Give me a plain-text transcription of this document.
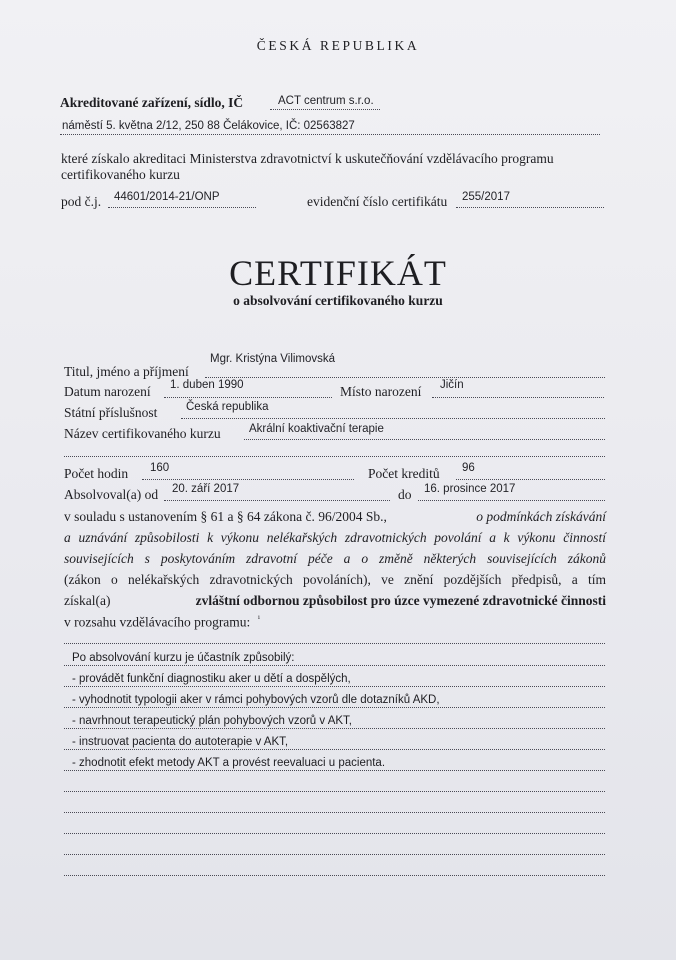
ČESKÁ REPUBLIKA
Akreditované zařízení, sídlo, IČ	ACT centrum s.r.o.
náměstí 5. května 2/12, 250 88 Čelákovice, IČ: 02563827
které získalo akreditaci Ministerstva zdravotnictví k uskutečňování vzdělávacího programu
certifikovaného kurzu
pod č.j. 44601/2014-21/ONP	evidenční číslo certifikátu 255/2017
CERTIFIKÁT
o absolvování certifikovaného kurzu
Titul, jméno a příjmení
Mgr. Kristýna Vilimovská
Datum narození 1. duben 1990	Místo narození Jičín
Státní příslušnost Česká republika
Název certifikovaného kurzu Akrální koaktivační terapie
Počet hodin 160	Počet kreditů 96
Absolvoval(a) od 20. září 2017	do 16. prosince 2017
v souladu s ustanovením § 61 a § 64 zákona č. 96/2004 Sb.,	o podmínkách získávání
a uznávání způsobilosti k výkonu nelékařských zdravotnických povolání a k výkonu činností
souvisejících s poskytováním zdravotní péče a o změně některých souvisejících zákonů
(zákon o nelékařských zdravotnických povoláních), ve znění pozdějších předpisů, a tím
získal(a)	zvláštní odbornou způsobilost pro úzce vymezené zdravotnické činnosti
v rozsahu vzdělávacího programu: $^{^1}$
Po absolvování kurzu je účastník způsobilý:
- provádět funkční diagnostiku aker u dětí a dospělých,
- vyhodnotit typologii aker v rámci pohybových vzorů dle dotazníků AKD,
- navrhnout terapeutický plán pohybových vzorů v AKT,
- instruovat pacienta do autoterapie v AKT,
- zhodnotit efekt metody AKT a provést reevaluaci u pacienta.
